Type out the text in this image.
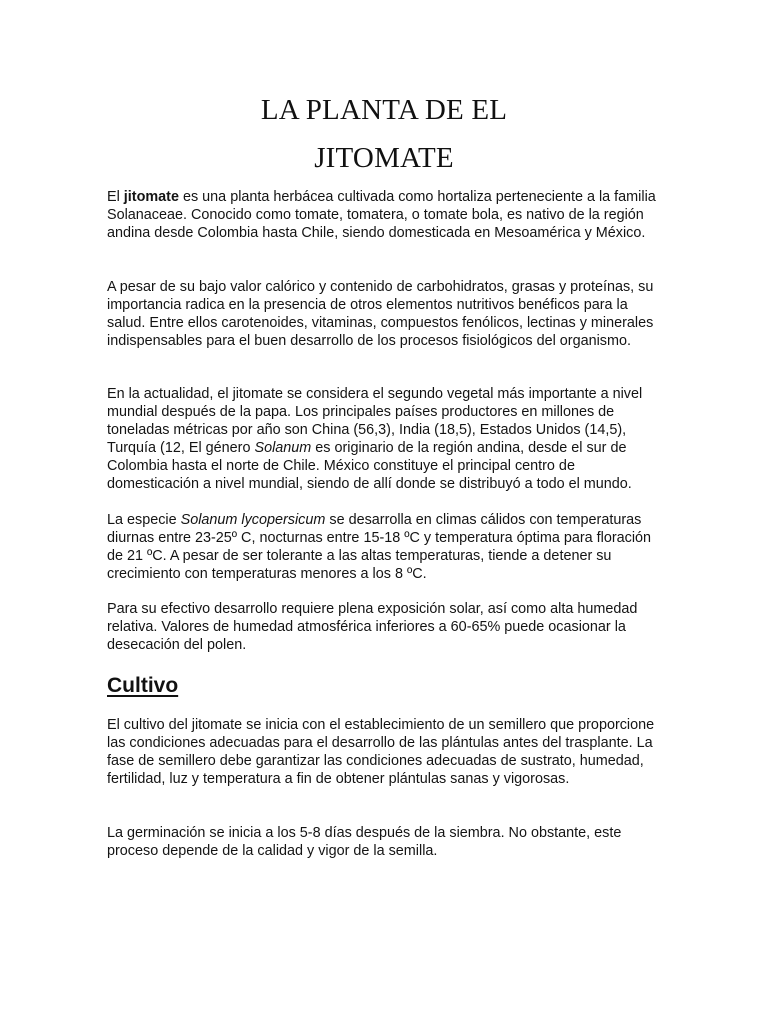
LA PLANTA DE EL
JITOMATE

El jitomate es una planta herbácea cultivada como hortaliza perteneciente a la familia Solanaceae. Conocido como tomate, tomatera, o tomate bola, es nativo de la región andina desde Colombia hasta Chile, siendo domesticada en Mesoamérica y México.

A pesar de su bajo valor calórico y contenido de carbohidratos, grasas y proteínas, su importancia radica en la presencia de otros elementos nutritivos benéficos para la salud. Entre ellos carotenoides, vitaminas, compuestos fenólicos, lectinas y minerales indispensables para el buen desarrollo de los procesos fisiológicos del organismo.

En la actualidad, el jitomate se considera el segundo vegetal más importante a nivel mundial después de la papa. Los principales países productores en millones de toneladas métricas por año son China (56,3), India (18,5), Estados Unidos (14,5), Turquía (12, El género Solanum es originario de la región andina, desde el sur de Colombia hasta el norte de Chile. México constituye el principal centro de domesticación a nivel mundial, siendo de allí donde se distribuyó a todo el mundo.

La especie Solanum lycopersicum se desarrolla en climas cálidos con temperaturas diurnas entre 23-25º C, nocturnas entre 15-18 ºC y temperatura óptima para floración de 21 ºC. A pesar de ser tolerante a las altas temperaturas, tiende a detener su crecimiento con temperaturas menores a los 8 ºC.

Para su efectivo desarrollo requiere plena exposición solar, así como alta humedad relativa. Valores de humedad atmosférica inferiores a 60-65% puede ocasionar la desecación del polen.

Cultivo

El cultivo del jitomate se inicia con el establecimiento de un semillero que proporcione las condiciones adecuadas para el desarrollo de las plántulas antes del trasplante. La fase de semillero debe garantizar las condiciones adecuadas de sustrato, humedad, fertilidad, luz y temperatura a fin de obtener plántulas sanas y vigorosas.

La germinación se inicia a los 5-8 días después de la siembra. No obstante, este proceso depende de la calidad y vigor de la semilla.
